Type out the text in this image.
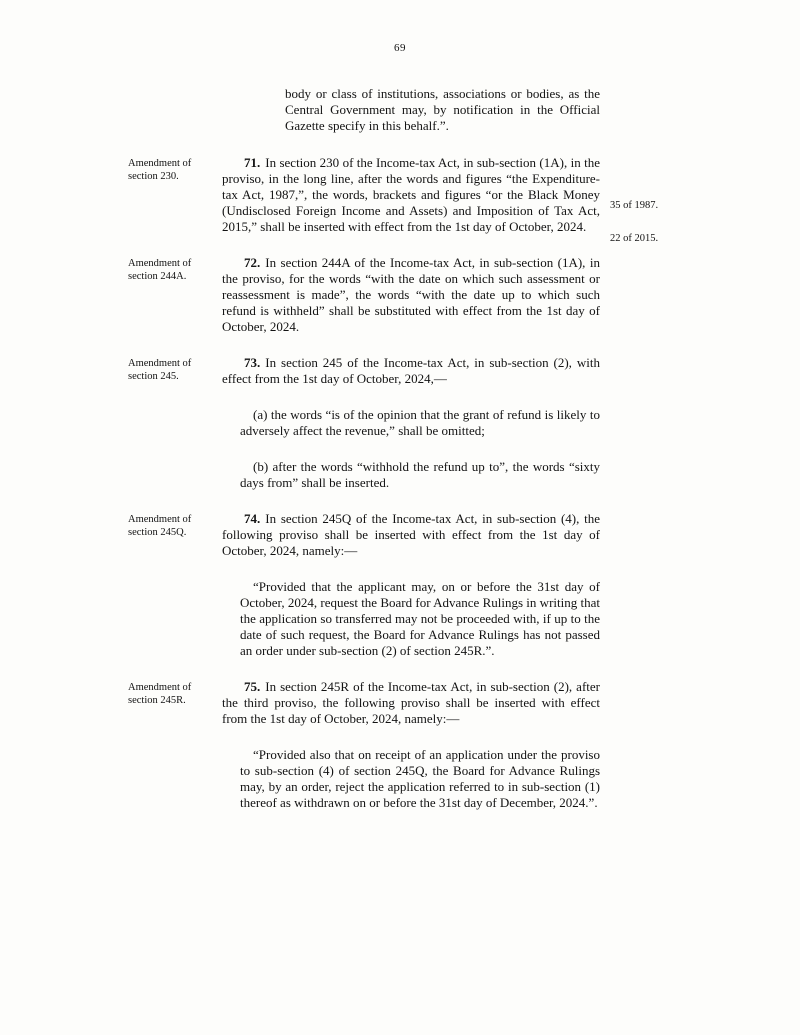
69

body or class of institutions, associations or bodies, as the Central Government may, by notification in the Official Gazette specify in this behalf.”.

Amendment of section 230.

71. In section 230 of the Income-tax Act, in sub-section (1A), in the proviso, in the long line, after the words and figures “the Expenditure-tax Act, 1987,”, the words, brackets and figures “or the Black Money (Undisclosed Foreign Income and Assets) and Imposition of Tax Act, 2015,” shall be inserted with effect from the 1st day of October, 2024.

35 of 1987.
22 of 2015.
Amendment of section 244A.

72. In section 244A of the Income-tax Act, in sub-section (1A), in the proviso, for the words “with the date on which such assessment or reassessment is made”, the words “with the date up to which such refund is withheld” shall be substituted with effect from the 1st day of October, 2024.

Amendment of section 245.

73. In section 245 of the Income-tax Act, in sub-section (2), with effect from the 1st day of October, 2024,—

(a) the words “is of the opinion that the grant of refund is likely to adversely affect the revenue,” shall be omitted;

(b) after the words “withhold the refund up to”, the words “sixty days from” shall be inserted.

Amendment of section 245Q.

74. In section 245Q of the Income-tax Act, in sub-section (4), the following proviso shall be inserted with effect from the 1st day of October, 2024, namely:—

“Provided that the applicant may, on or before the 31st day of October, 2024, request the Board for Advance Rulings in writing that the application so transferred may not be proceeded with, if up to the date of such request, the Board for Advance Rulings has not passed an order under sub-section (2) of section 245R.”.

Amendment of section 245R.

75. In section 245R of the Income-tax Act, in sub-section (2), after the third proviso, the following proviso shall be inserted with effect from the 1st day of October, 2024, namely:—

“Provided also that on receipt of an application under the proviso to sub-section (4) of section 245Q, the Board for Advance Rulings may, by an order, reject the application referred to in sub-section (1) thereof as withdrawn on or before the 31st day of December, 2024.”.
